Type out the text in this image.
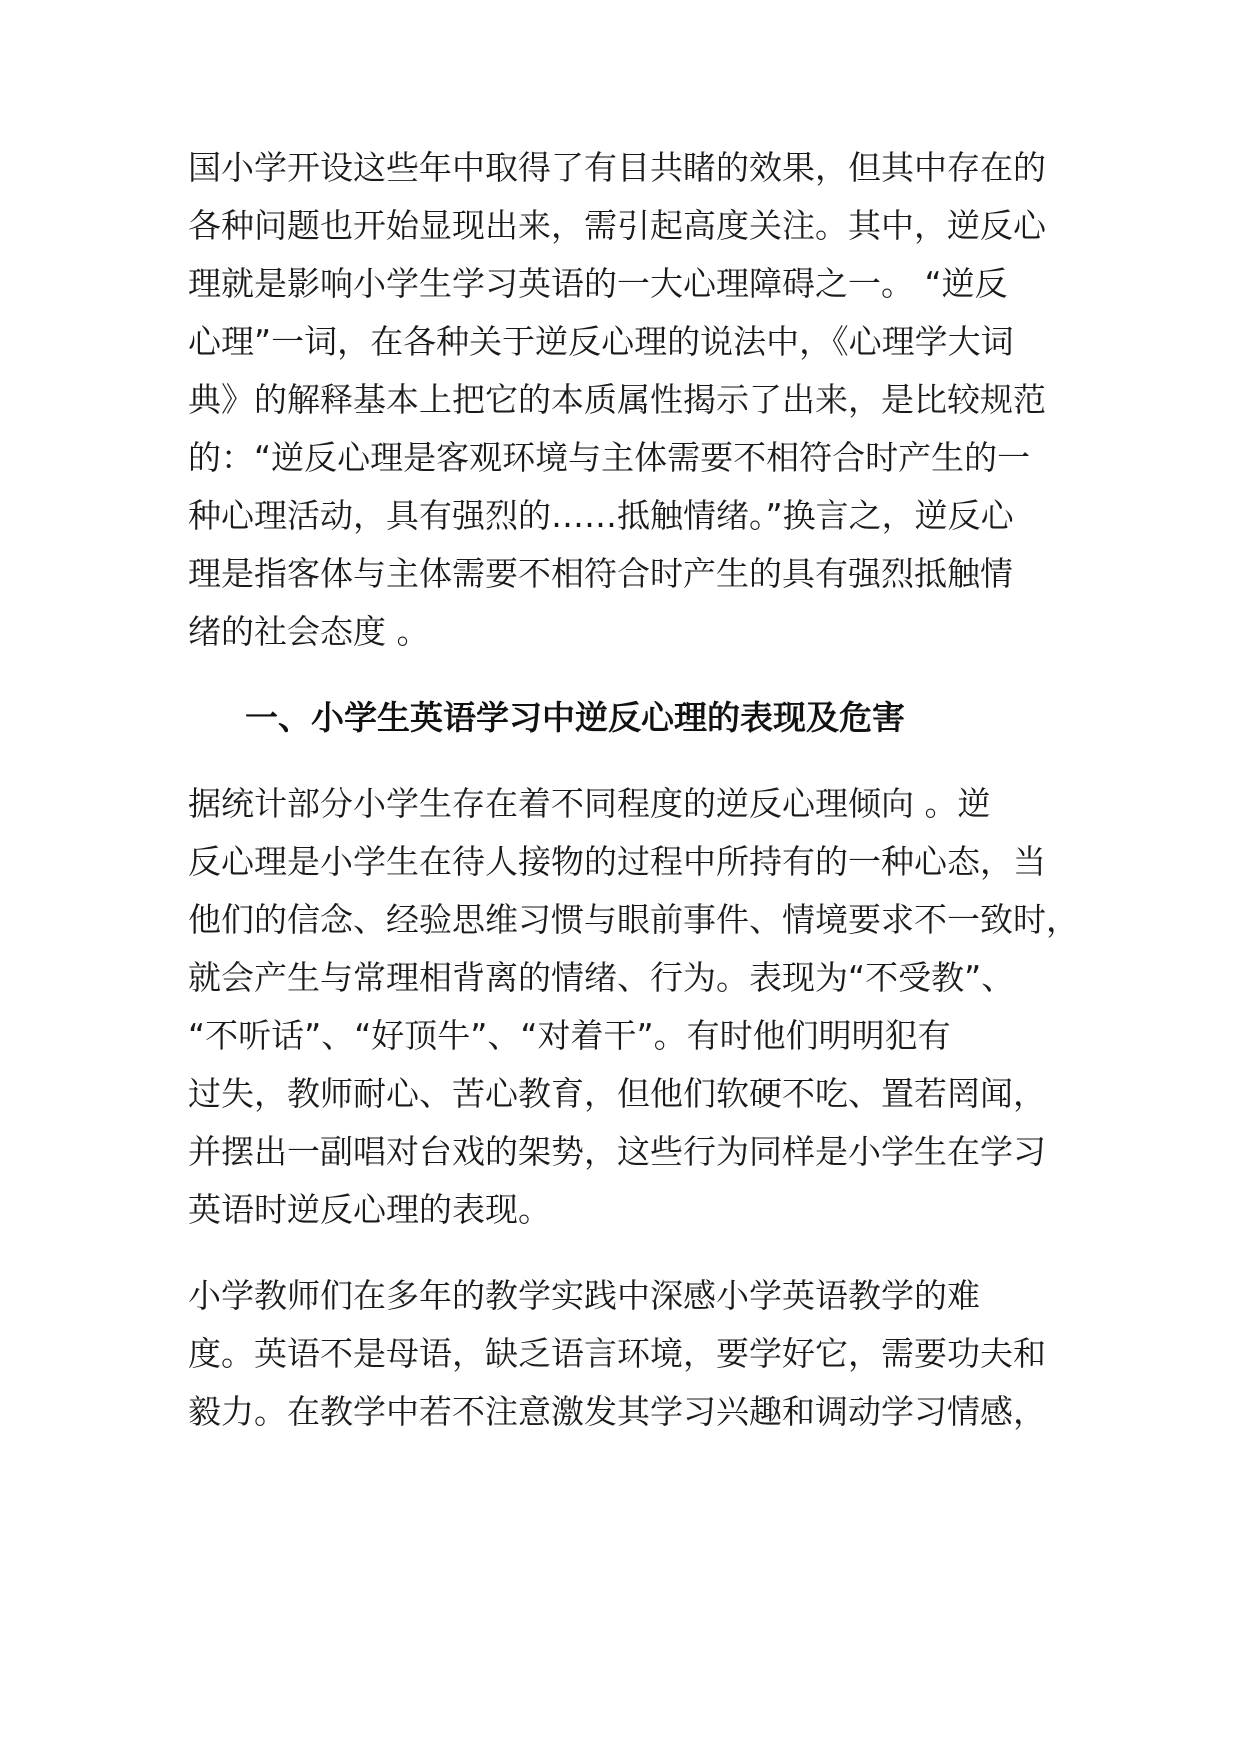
国小学开设这些年中取得了有目共睹的效果，但其中存在的
各种问题也开始显现出来，需引起高度关注。其中，逆反心
理就是影响小学生学习英语的一大心理障碍之一。 “逆反
心理”一词，在各种关于逆反心理的说法中，《心理学大词
典》的解释基本上把它的本质属性揭示了出来，是比较规范
的：“逆反心理是客观环境与主体需要不相符合时产生的一
种心理活动，具有强烈的……抵触情绪。”换言之，逆反心
理是指客体与主体需要不相符合时产生的具有强烈抵触情
绪的社会态度 。
一、小学生英语学习中逆反心理的表现及危害
据统计部分小学生存在着不同程度的逆反心理倾向 。逆
反心理是小学生在待人接物的过程中所持有的一种心态，当
他们的信念、经验思维习惯与眼前事件、情境要求不一致时，
就会产生与常理相背离的情绪、行为。表现为“不受教”、
“不听话”、“好顶牛”、“对着干”。有时他们明明犯有
过失，教师耐心、苦心教育，但他们软硬不吃、置若罔闻，
并摆出一副唱对台戏的架势，这些行为同样是小学生在学习
英语时逆反心理的表现。
小学教师们在多年的教学实践中深感小学英语教学的难
度。英语不是母语，缺乏语言环境，要学好它，需要功夫和
毅力。在教学中若不注意激发其学习兴趣和调动学习情感，
